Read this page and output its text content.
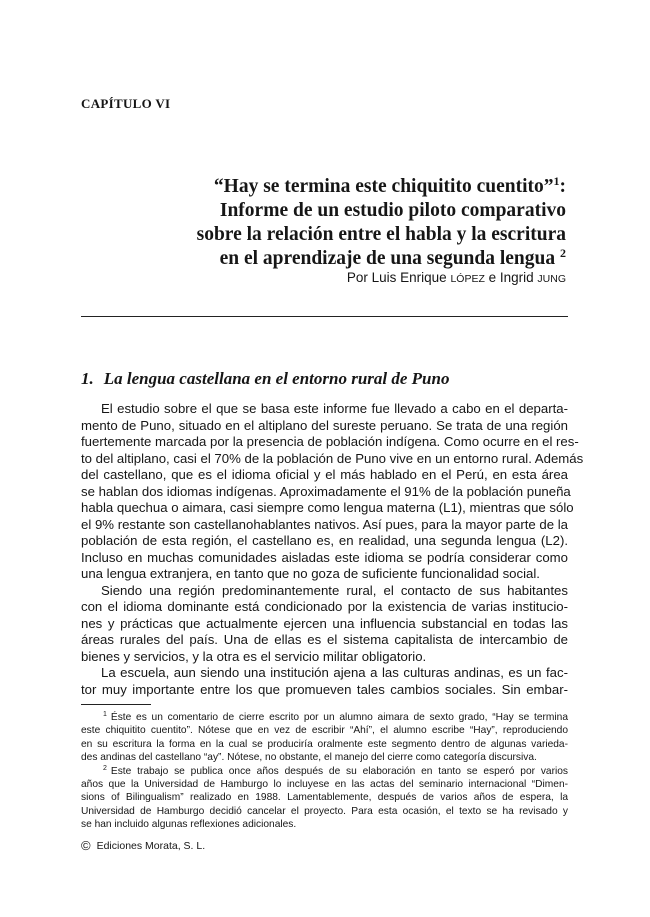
CAPÍTULO VI
“Hay se termina este chiquitito cuentito”$^1$:
Informe de un estudio piloto comparativo
sobre la relación entre el habla y la escritura
en el aprendizaje de una segunda lengua $^2$
Por Luis Enrique LÓPEZ e Ingrid JUNG
1. La lengua castellana en el entorno rural de Puno
El estudio sobre el que se basa este informe fue llevado a cabo en el departa-
mento de Puno, situado en el altiplano del sureste peruano. Se trata de una región
fuertemente marcada por la presencia de población indígena. Como ocurre en el res-
to del altiplano, casi el 70% de la población de Puno vive en un entorno rural. Además
del castellano, que es el idioma oficial y el más hablado en el Perú, en esta área
se hablan dos idiomas indígenas. Aproximadamente el 91% de la población puneña
habla quechua o aimara, casi siempre como lengua materna (L1), mientras que sólo
el 9% restante son castellanohablantes nativos. Así pues, para la mayor parte de la
población de esta región, el castellano es, en realidad, una segunda lengua (L2).
Incluso en muchas comunidades aisladas este idioma se podría considerar como
una lengua extranjera, en tanto que no goza de suficiente funcionalidad social.
Siendo una región predominantemente rural, el contacto de sus habitantes
con el idioma dominante está condicionado por la existencia de varias institucio-
nes y prácticas que actualmente ejercen una influencia substancial en todas las
áreas rurales del país. Una de ellas es el sistema capitalista de intercambio de
bienes y servicios, y la otra es el servicio militar obligatorio.
La escuela, aun siendo una institución ajena a las culturas andinas, es un fac-
tor muy importante entre los que promueven tales cambios sociales. Sin embar-
$^1$ Éste es un comentario de cierre escrito por un alumno aimara de sexto grado, “Hay se termina
este chiquitito cuentito”. Nótese que en vez de escribir “Ahí”, el alumno escribe “Hay”, reproduciendo
en su escritura la forma en la cual se produciría oralmente este segmento dentro de algunas varieda-
des andinas del castellano “ay”. Nótese, no obstante, el manejo del cierre como categoría discursiva.
$^2$ Este trabajo se publica once años después de su elaboración en tanto se esperó por varios
años que la Universidad de Hamburgo lo incluyese en las actas del seminario internacional “Dimen-
sions of Bilingualism” realizado en 1988. Lamentablemente, después de varios años de espera, la
Universidad de Hamburgo decidió cancelar el proyecto. Para esta ocasión, el texto se ha revisado y
se han incluido algunas reflexiones adicionales.
© Ediciones Morata, S. L.
